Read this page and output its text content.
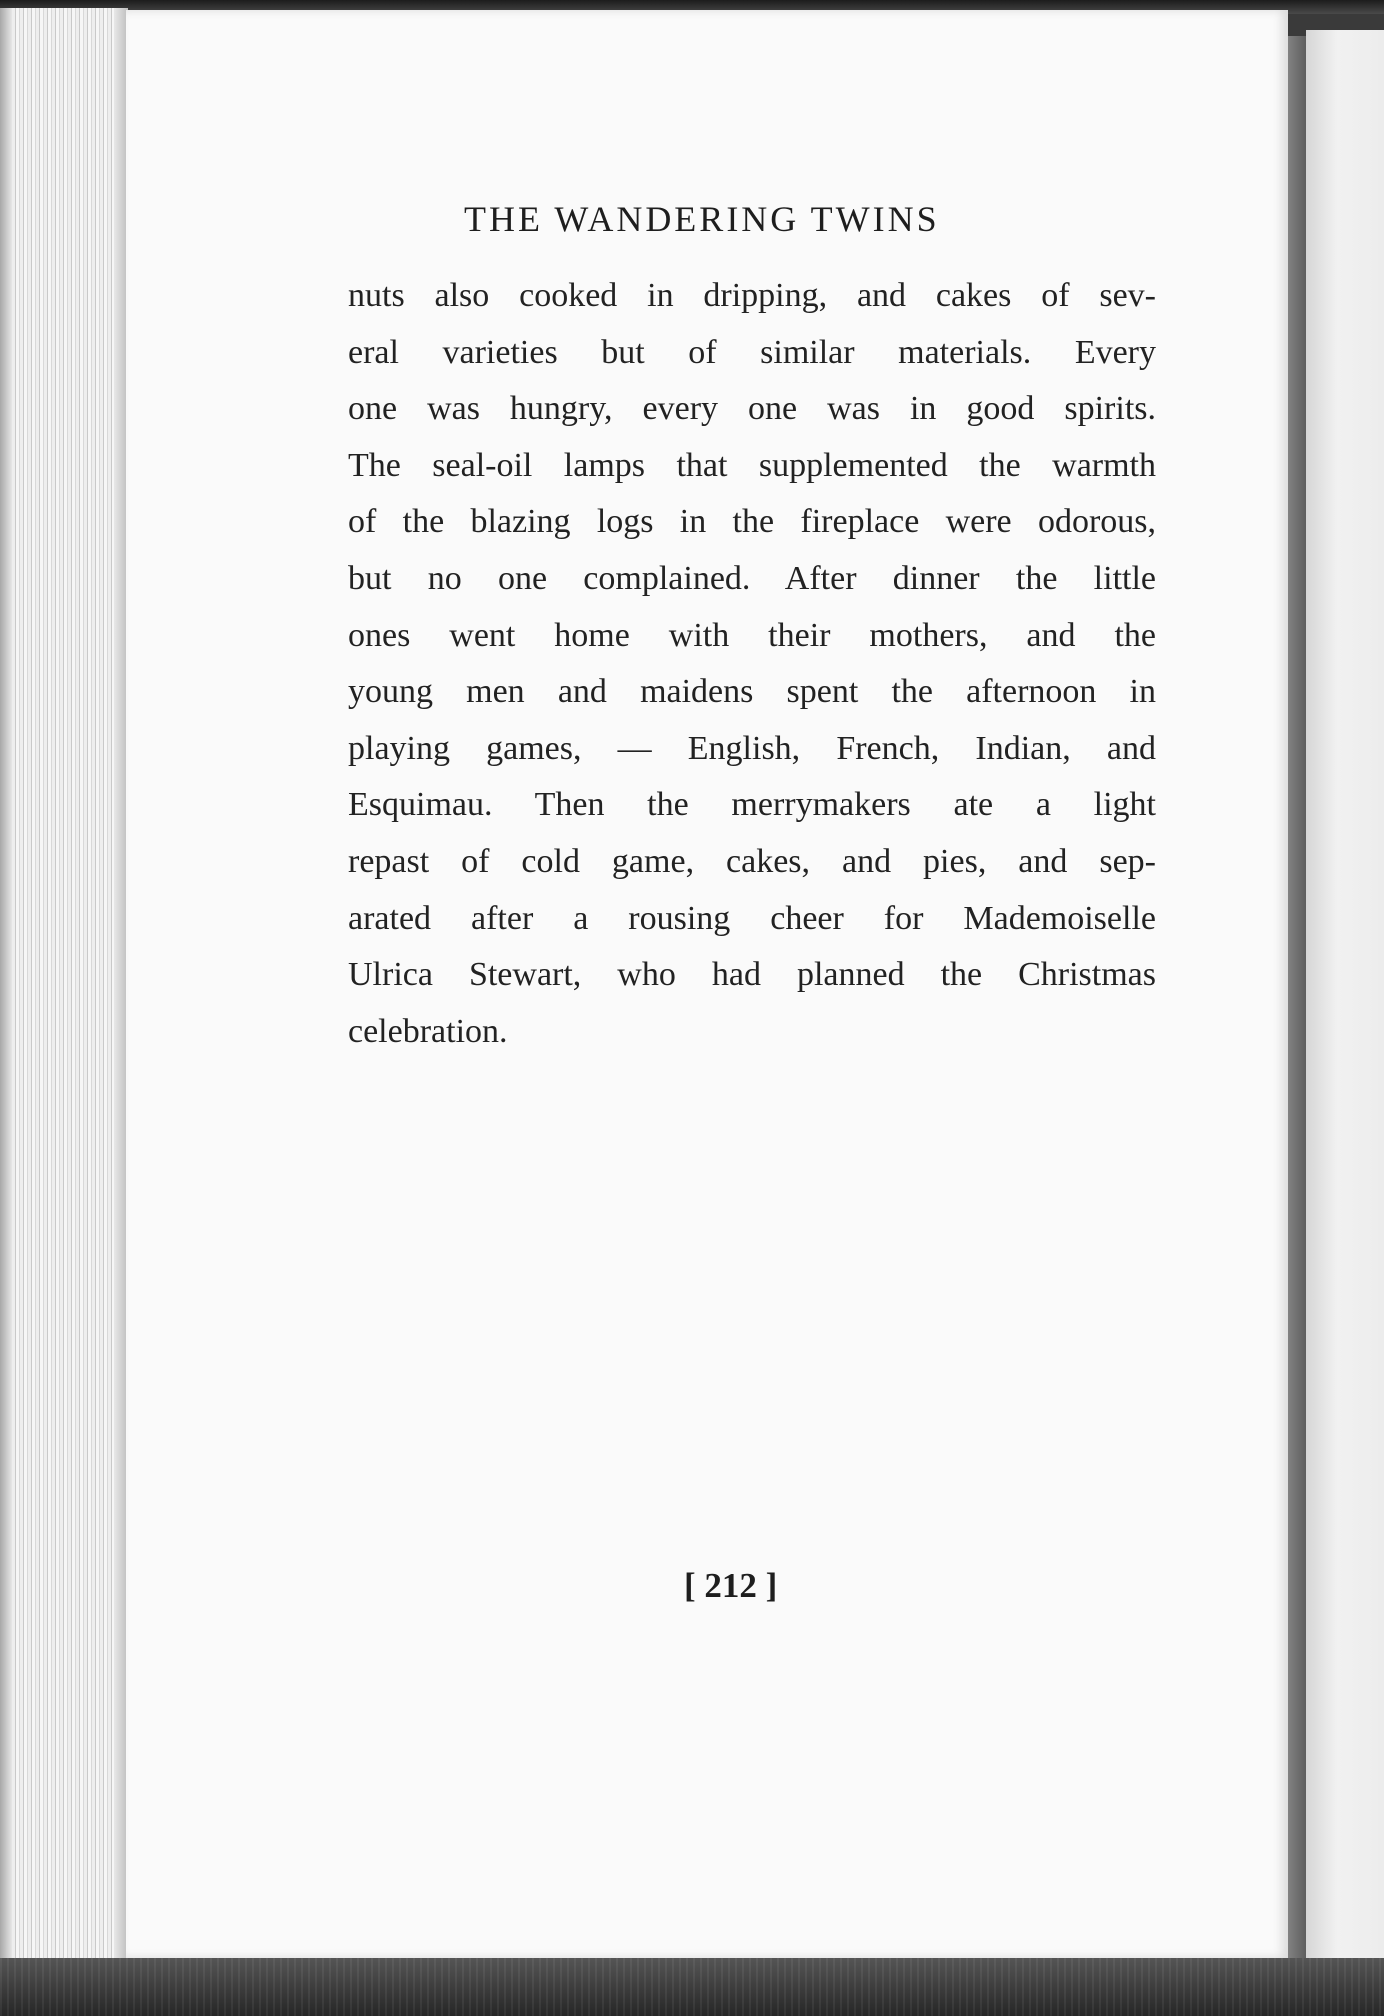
THE WANDERING TWINS
nuts also cooked in dripping, and cakes of sev-
eral varieties but of similar materials. Every
one was hungry, every one was in good spirits.
The seal-oil lamps that supplemented the warmth
of the blazing logs in the fireplace were odorous,
but no one complained. After dinner the little
ones went home with their mothers, and the
young men and maidens spent the afternoon in
playing games, — English, French, Indian, and
Esquimau. Then the merrymakers ate a light
repast of cold game, cakes, and pies, and sep-
arated after a rousing cheer for Mademoiselle
Ulrica Stewart, who had planned the Christmas
celebration.
[ 212 ]
